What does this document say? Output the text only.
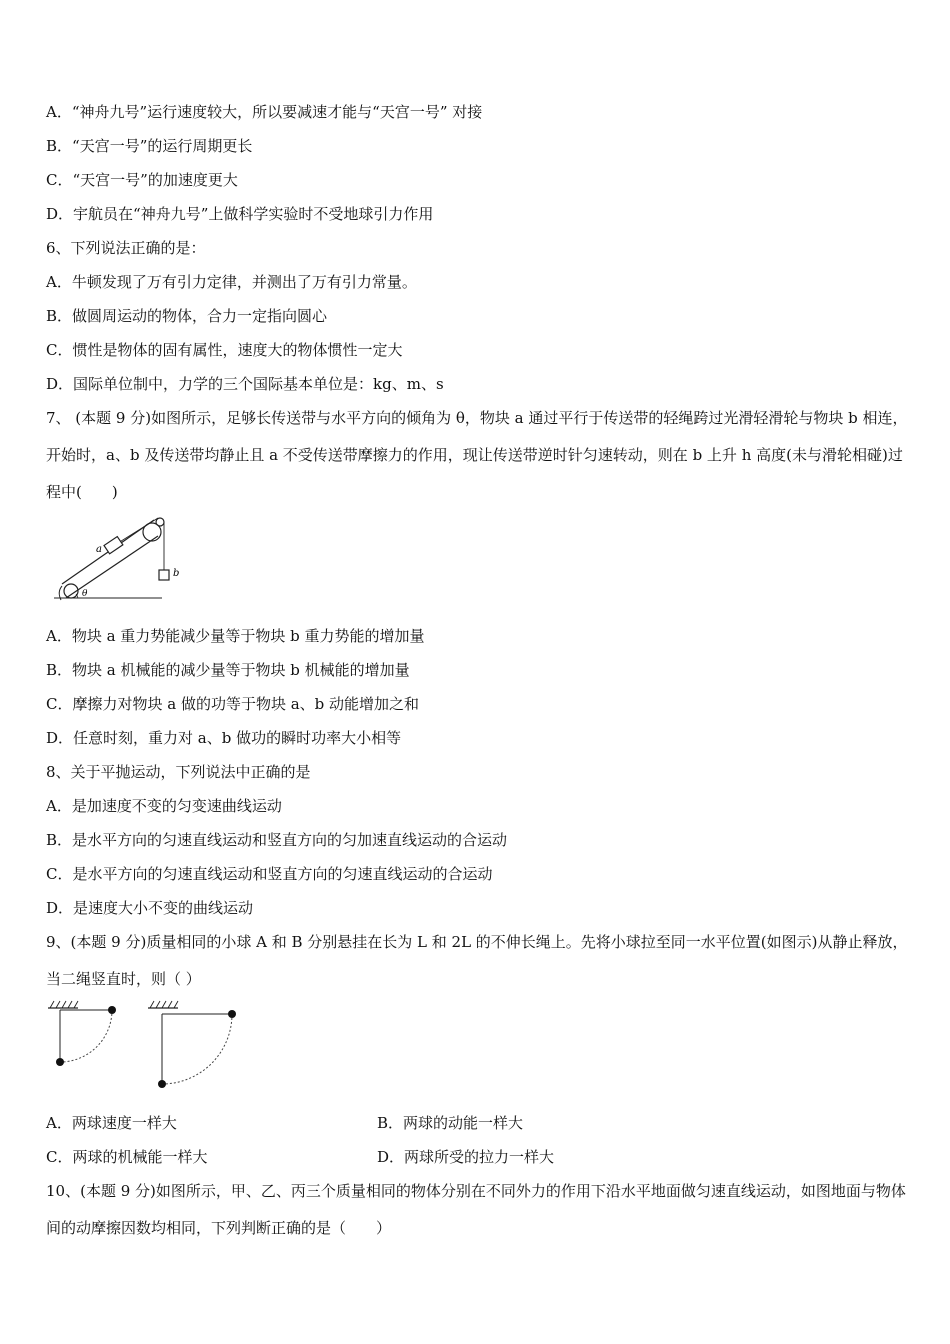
A．“神舟九号”运行速度较大，所以要减速才能与“天宫一号” 对接
B．“天宫一号”的运行周期更长
C．“天宫一号”的加速度更大
D．宇航员在“神舟九号”上做科学实验时不受地球引力作用
6、下列说法正确的是：
A．牛顿发现了万有引力定律，并测出了万有引力常量。
B．做圆周运动的物体，合力一定指向圆心
C．惯性是物体的固有属性，速度大的物体惯性一定大
D．国际单位制中，力学的三个国际基本单位是：kg、m、s
7、 (本题 9 分)如图所示，足够长传送带与水平方向的倾角为 θ，物块 a 通过平行于传送带的轻绳跨过光滑轻滑轮与物块 b 相连，开始时，a、b 及传送带均静止且 a 不受传送带摩擦力的作用，现让传送带逆时针匀速转动，则在 b 上升 h 高度(未与滑轮相碰)过程中(　　)
a
b
θ
A．物块 a 重力势能减少量等于物块 b 重力势能的增加量
B．物块 a 机械能的减少量等于物块 b 机械能的增加量
C．摩擦力对物块 a 做的功等于物块 a、b 动能增加之和
D．任意时刻，重力对 a、b 做功的瞬时功率大小相等
8、关于平抛运动，下列说法中正确的是
A．是加速度不变的匀变速曲线运动
B．是水平方向的匀速直线运动和竖直方向的匀加速直线运动的合运动
C．是水平方向的匀速直线运动和竖直方向的匀速直线运动的合运动
D．是速度大小不变的曲线运动
9、(本题 9 分)质量相同的小球 A 和 B 分别悬挂在长为 L 和 2L 的不伸长绳上。先将小球拉至同一水平位置(如图示)从静止释放，当二绳竖直时，则（ ）
A．两球速度一样大	B．两球的动能一样大
C．两球的机械能一样大	D．两球所受的拉力一样大
10、(本题 9 分)如图所示，甲、乙、丙三个质量相同的物体分别在不同外力的作用下沿水平地面做匀速直线运动，如图地面与物体间的动摩擦因数均相同，下列判断正确的是（　　）
